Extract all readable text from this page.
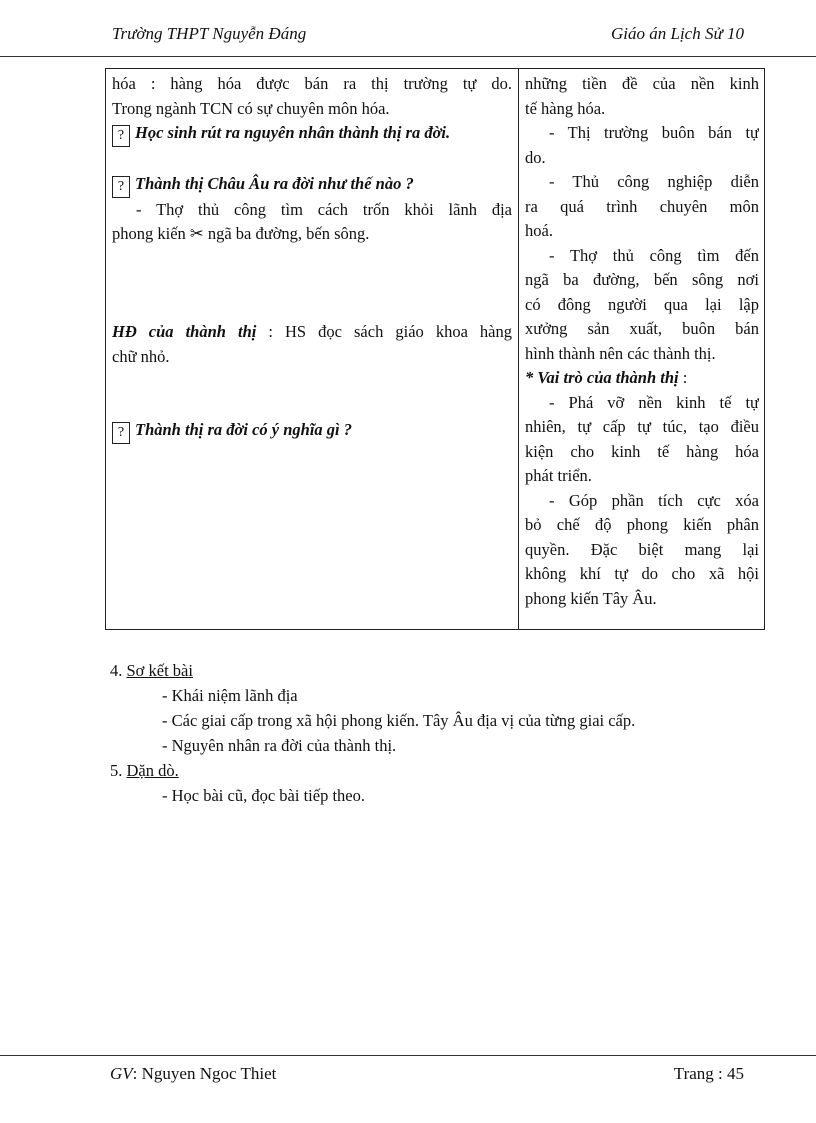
Trường THPT Nguyễn Đáng	Giáo án Lịch Sử 10
hóa : hàng hóa được bán ra thị trường tự do.
Trong ngành TCN có sự chuyên môn hóa.
? Học sinh rút ra nguyên nhân thành thị ra đời.
? Thành thị Châu Âu ra đời như thế nào ?
- Thợ thủ công tìm cách trốn khỏi lãnh địa
phong kiến ✂ ngã ba đường, bến sông.
HĐ của thành thị : HS đọc sách giáo khoa hàng
chữ nhỏ.
? Thành thị ra đời có ý nghĩa gì ?
những tiền đề của nền kinh
tế hàng hóa.
- Thị trường buôn bán tự
do.
- Thủ công nghiệp diễn
ra quá trình chuyên môn
hoá.
- Thợ thủ công tìm đến
ngã ba đường, bến sông nơi
có đông người qua lại lập
xưởng sản xuất, buôn bán
hình thành nên các thành thị.
* Vai trò của thành thị :
- Phá vỡ nền kinh tế tự
nhiên, tự cấp tự túc, tạo điều
kiện cho kinh tế hàng hóa
phát triển.
- Góp phần tích cực xóa
bỏ chế độ phong kiến phân
quyền. Đặc biệt mang lại
không khí tự do cho xã hội
phong kiến Tây Âu.
4. Sơ kết bài
- Khái niệm lãnh địa
- Các giai cấp trong xã hội phong kiến. Tây Âu địa vị của từng giai cấp.
- Nguyên nhân ra đời của thành thị.
5. Dặn dò.
- Học bài cũ, đọc bài tiếp theo.
GV: Nguyen Ngoc Thiet	Trang : 45
